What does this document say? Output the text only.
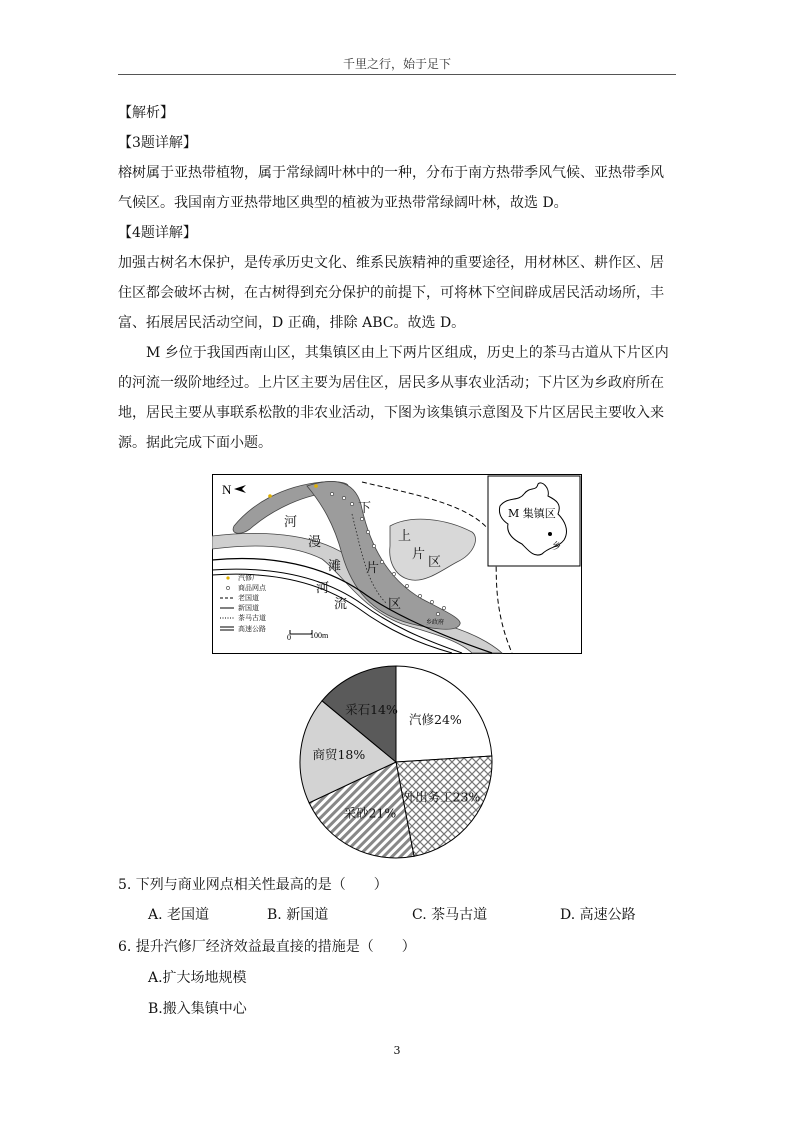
千里之行，始于足下

【解析】

【3题详解】

榕树属于亚热带植物，属于常绿阔叶林中的一种，分布于南方热带季风气候、亚热带季风

气候区。我国南方亚热带地区典型的植被为亚热带常绿阔叶林，故选 D。

【4题详解】

加强古树名木保护，是传承历史文化、维系民族精神的重要途径，用材林区、耕作区、居

住区都会破坏古树，在古树得到充分保护的前提下，可将林下空间辟成居民活动场所，丰

富、拓展居民活动空间，D 正确，排除 ABC。故选 D。

M 乡位于我国西南山区，其集镇区由上下两片区组成，历史上的茶马古道从下片区内

的河流一级阶地经过。上片区主要为居住区，居民多从事农业活动；下片区为乡政府所在

地，居民主要从事联系松散的非农业活动，下图为该集镇示意图及下片区居民主要收入来

源。据此完成下面小题。

N
河
漫
滩
河
流
下
片
区
上
片
区
乡政府
汽修厂
商品网点
老国道
新国道
茶马古道
高速公路
0 100m
M 集镇区
乡
汽修24%
外出务工23%
采砂21%
商贸18%
采石14%
5. 下列与商业网点相关性最高的是（　　）
A. 老国道	B. 新国道	C. 茶马古道	D. 高速公路
6. 提升汽修厂经济效益最直接的措施是（　　）
A.扩大场地规模
B.搬入集镇中心
3
